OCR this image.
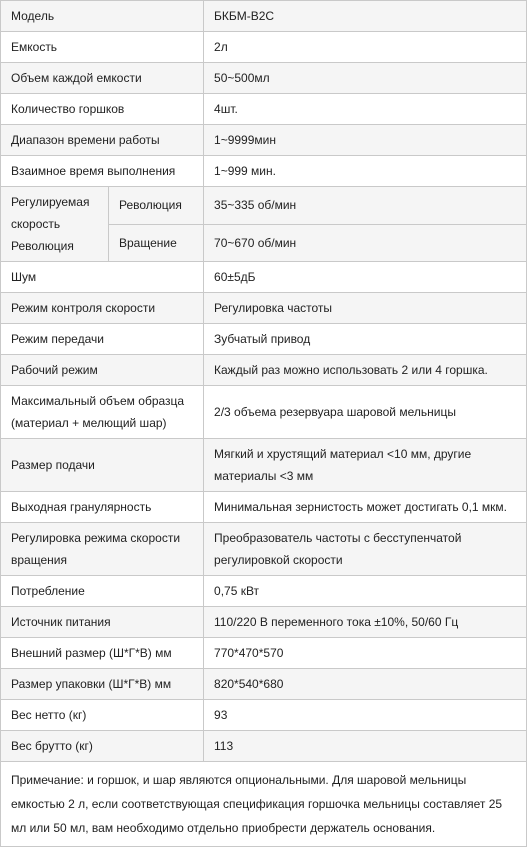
Модель		БКБМ-В2С
Емкость		2л
Объем каждой емкости		50~500мл
Количество горшков		4шт.
Диапазон времени работы		1~9999мин
Взаимное время выполнения		1~999 мин.
Регулируемая скорость Революция	Революция	35~335 об/мин
	Вращение	70~670 об/мин
Шум		60±5дБ
Режим контроля скорости		Регулировка частоты
Режим передачи		Зубчатый привод
Рабочий режим		Каждый раз можно использовать 2 или 4 горшка.
Максимальный объем образца (материал + мелющий шар)		2/3 объема резервуара шаровой мельницы
Размер подачи		Мягкий и хрустящий материал <10 мм, другие материалы <3 мм
Выходная гранулярность		Минимальная зернистость может достигать 0,1 мкм.
Регулировка режима скорости вращения		Преобразователь частоты с бесступенчатой регулировкой скорости
Потребление		0,75 кВт
Источник питания		110/220 В переменного тока ±10%, 50/60 Гц
Внешний размер (Ш*Г*В) мм		770*470*570
Размер упаковки (Ш*Г*В) мм		820*540*680
Вес нетто (кг)		93
Вес брутто (кг)		113
Примечание: и горшок, и шар являются опциональными. Для шаровой мельницы емкостью 2 л, если соответствующая спецификация горшочка мельницы составляет 25 мл или 50 мл, вам необходимо отдельно приобрести держатель основания.		
